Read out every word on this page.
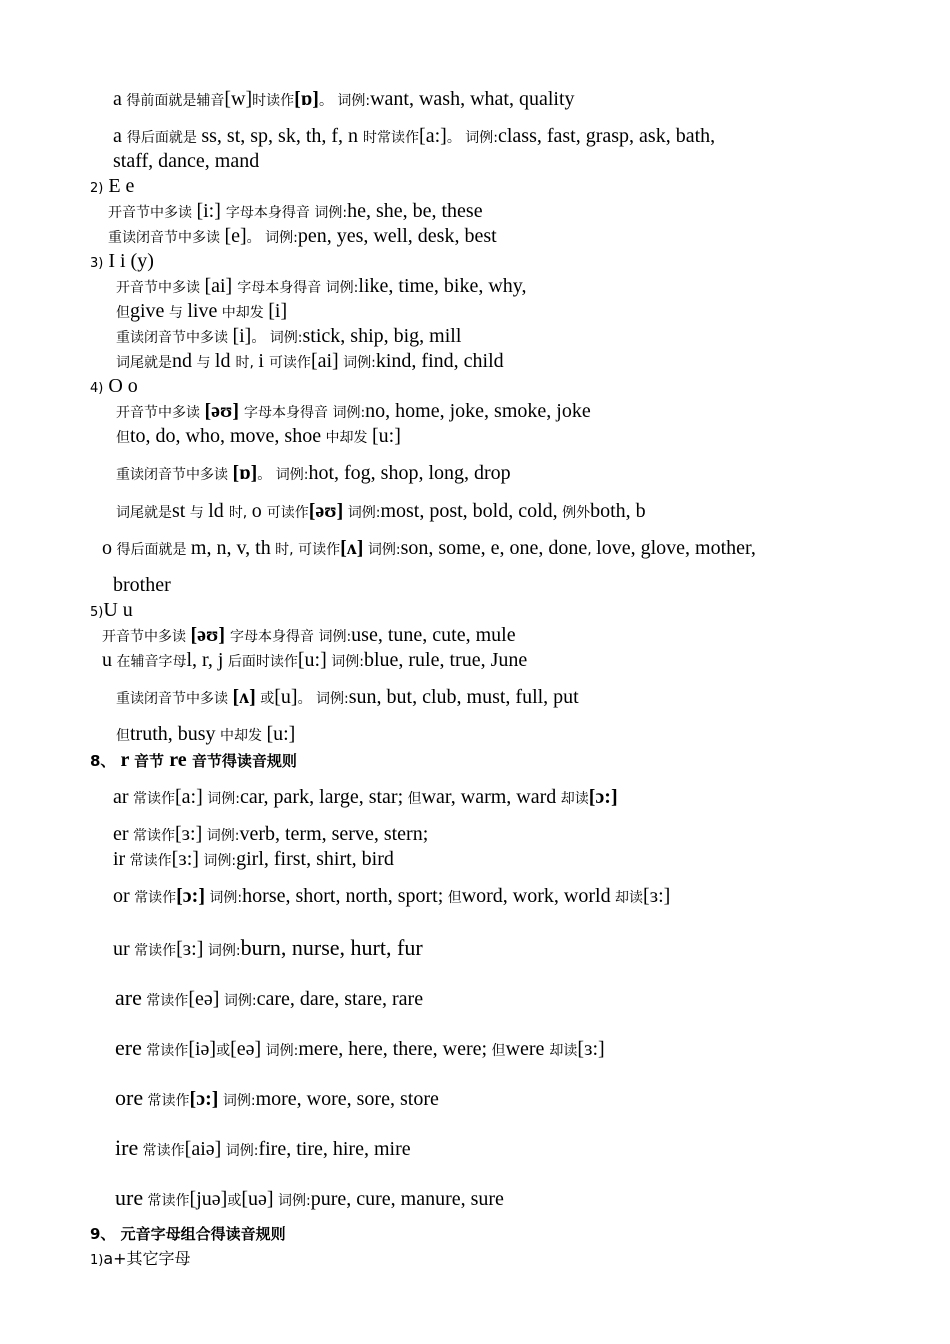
a 得前面就是辅音[w]时读作[ɒ]。 词例:want, wash, what, quality
a 得后面就是 ss, st, sp, sk, th, f, n 时常读作[a:]。 词例:class, fast, grasp, ask, bath,
staff, dance, mand
2) E e
开音节中多读 [i:] 字母本身得音 词例:he, she, be, these
重读闭音节中多读 [e]。 词例:pen, yes, well, desk, best
3) I i (y)
开音节中多读 [ai] 字母本身得音 词例:like, time, bike, why,
但give 与 live 中却发 [i]
重读闭音节中多读 [i]。 词例:stick, ship, big, mill
词尾就是nd 与 ld 时, i 可读作[ai] 词例:kind, find, child
4) O o
开音节中多读 [əʊ] 字母本身得音 词例:no, home, joke, smoke, joke
但to, do, who, move, shoe 中却发 [u:]
重读闭音节中多读 [ɒ]。 词例:hot, fog, shop, long, drop
词尾就是st 与 ld 时, o 可读作[əʊ] 词例:most, post, bold, cold, 例外both, b
o 得后面就是 m, n, v, th 时, 可读作[ʌ] 词例:son, some, e, one, done, love, glove, mother,
brother
5)U u
开音节中多读 [əʊ] 字母本身得音 词例:use, tune, cute, mule
u 在辅音字母l, r, j 后面时读作[u:] 词例:blue, rule, true, June
重读闭音节中多读 [ʌ] 或[u]。 词例:sun, but, club, must, full, put
但truth, busy 中却发 [u:]
8、 r 音节 re 音节得读音规则
ar 常读作[a:] 词例:car, park, large, star; 但war, warm, ward 却读[ɔ:]
er 常读作[ɜ:] 词例:verb, term, serve, stern;
ir 常读作[ɜ:] 词例:girl, first, shirt, bird
or 常读作[ɔ:] 词例:horse, short, north, sport; 但word, work, world 却读[ɜ:]
ur 常读作[ɜ:] 词例:burn, nurse, hurt, fur
are 常读作[eə] 词例:care, dare, stare, rare
ere 常读作[iə]或[eə] 词例:mere, here, there, were; 但were 却读[ɜ:]
ore 常读作[ɔ:] 词例:more, wore, sore, store
ire 常读作[aiə] 词例:fire, tire, hire, mire
ure 常读作[juə]或[uə] 词例:pure, cure, manure, sure
9、 元音字母组合得读音规则
1)a+其它字母
